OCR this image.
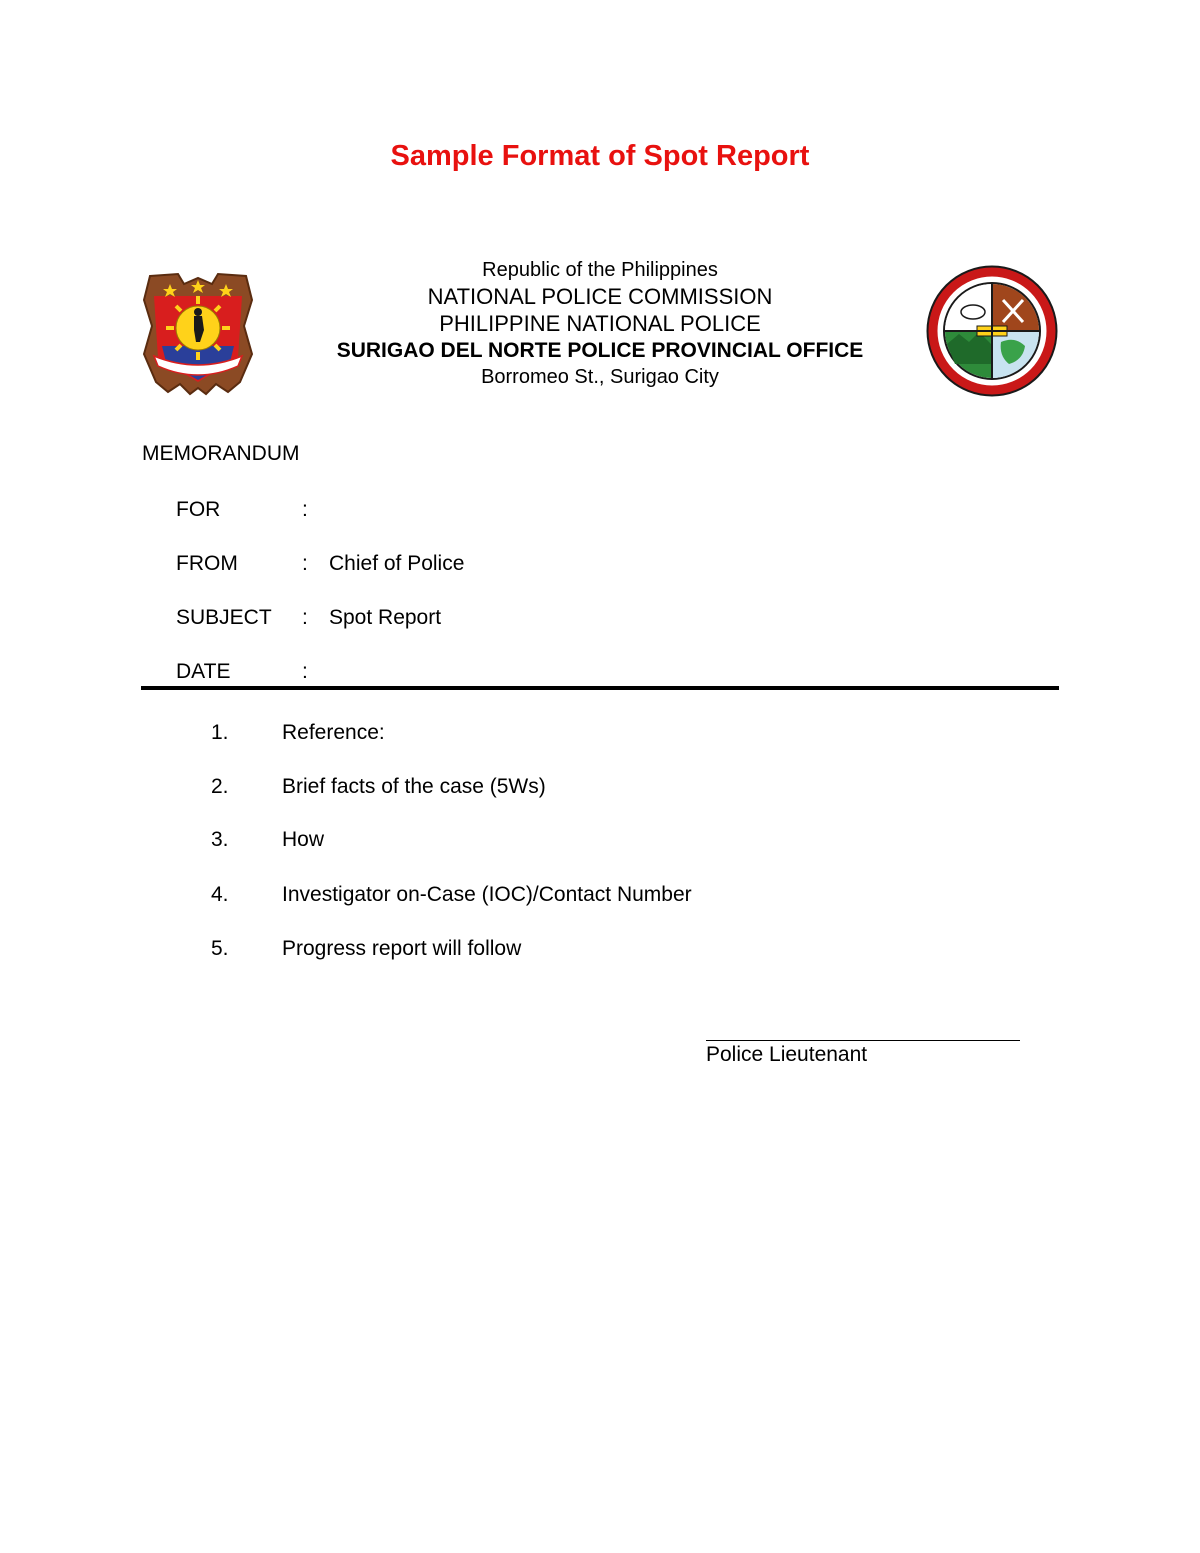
Sample Format of Spot Report
Republic of the Philippines
NATIONAL POLICE COMMISSION
PHILIPPINE NATIONAL POLICE
SURIGAO DEL NORTE POLICE PROVINCIAL OFFICE
Borromeo St., Surigao City
MEMORANDUM
FOR	:
FROM	: Chief of Police
SUBJECT : Spot Report
DATE	:
1.	Reference:
2.	Brief facts of the case (5Ws)
3.	How
4.	Investigator on-Case (IOC)/Contact Number
5.	Progress report will follow
Police Lieutenant
